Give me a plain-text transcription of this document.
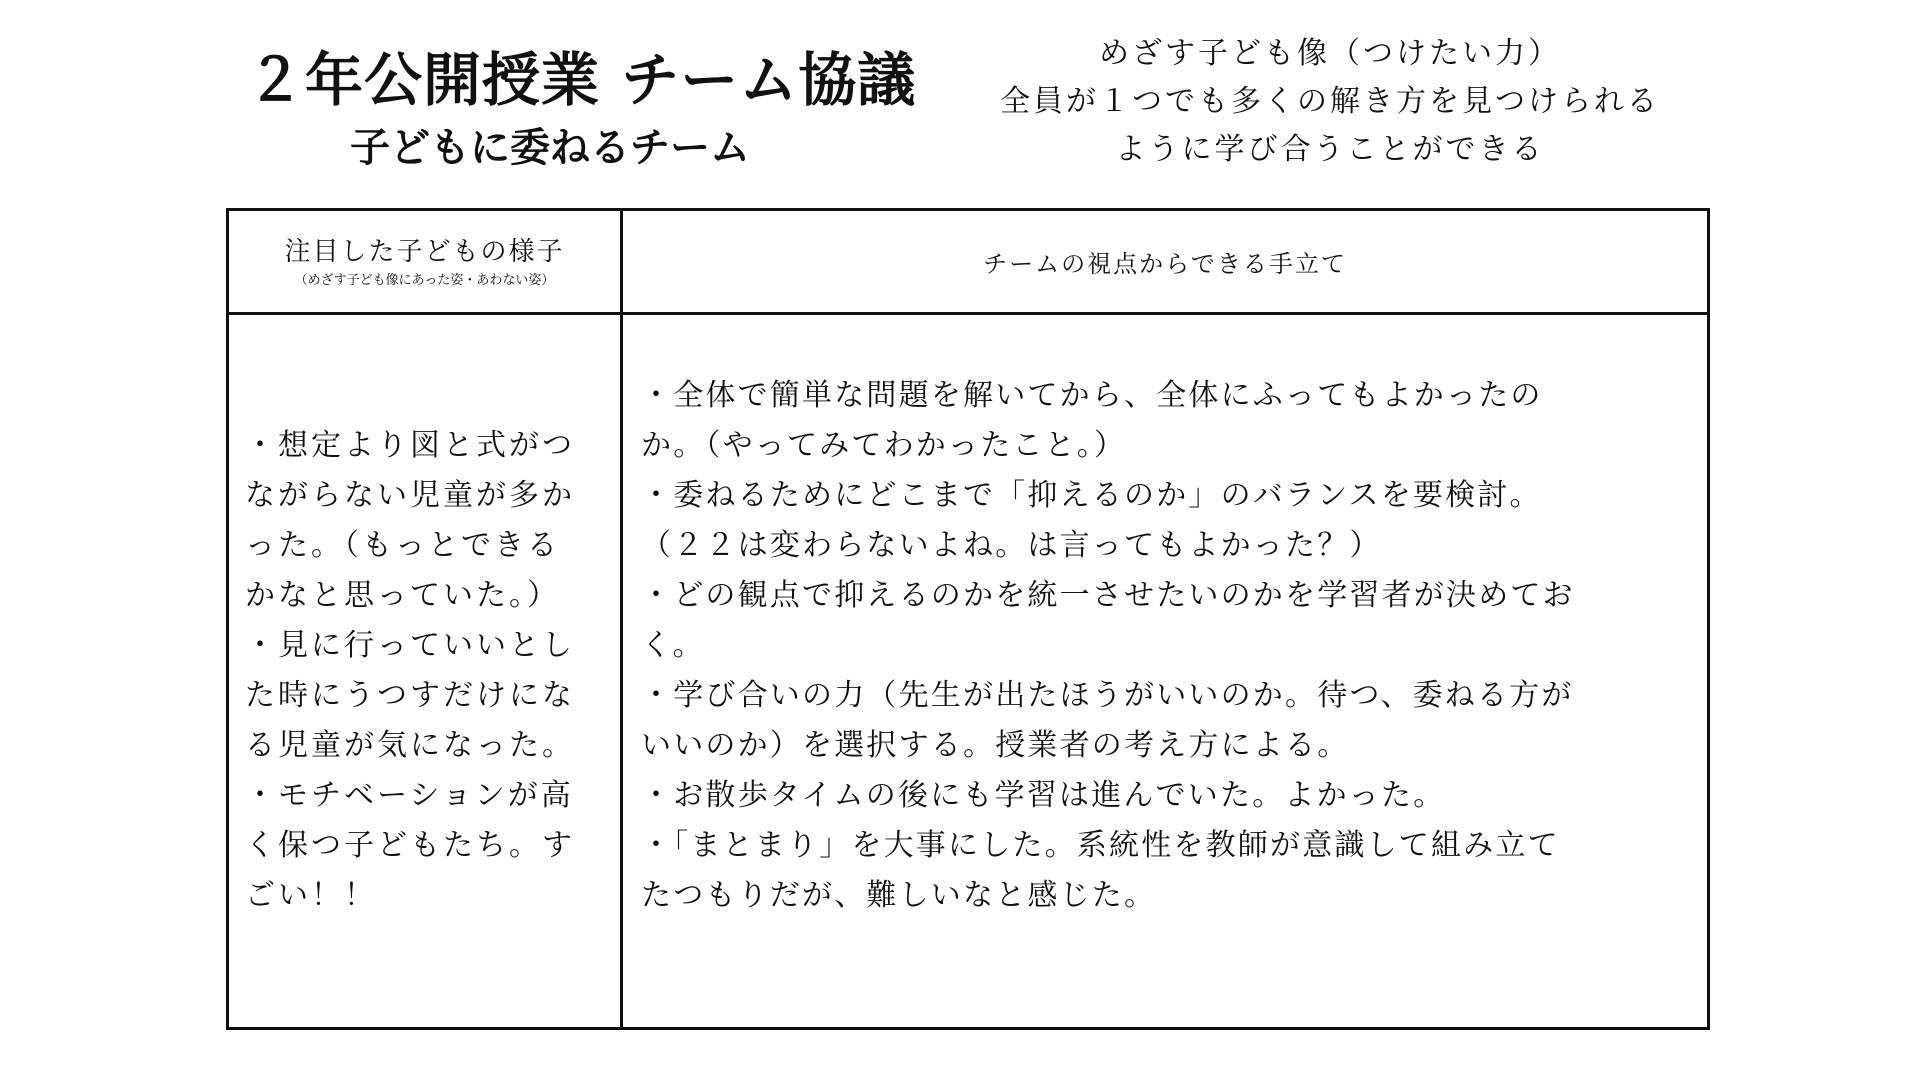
２年公開授業 チーム協議
子どもに委ねるチーム
めざす子ども像（つけたい力）
全員が１つでも多くの解き方を見つけられる
ように学び合うことができる
注目した子どもの様子
（めざす子ども像にあった姿・あわない姿）
チームの視点からできる手立て
・想定より図と式がつ
ながらない児童が多か
った。（もっとできる
かなと思っていた。）
・見に行っていいとし
た時にうつすだけにな
る児童が気になった。
・モチベーションが高
く保つ子どもたち。す
ごい！！
・全体で簡単な問題を解いてから、全体にふってもよかったの
か。（やってみてわかったこと。）
・委ねるためにどこまで「抑えるのか」のバランスを要検討。
（２２は変わらないよね。は言ってもよかった？）
・どの観点で抑えるのかを統一させたいのかを学習者が決めてお
く。
・学び合いの力（先生が出たほうがいいのか。待つ、委ねる方が
いいのか）を選択する。授業者の考え方による。
・お散歩タイムの後にも学習は進んでいた。よかった。
・「まとまり」を大事にした。系統性を教師が意識して組み立て
たつもりだが、難しいなと感じた。
